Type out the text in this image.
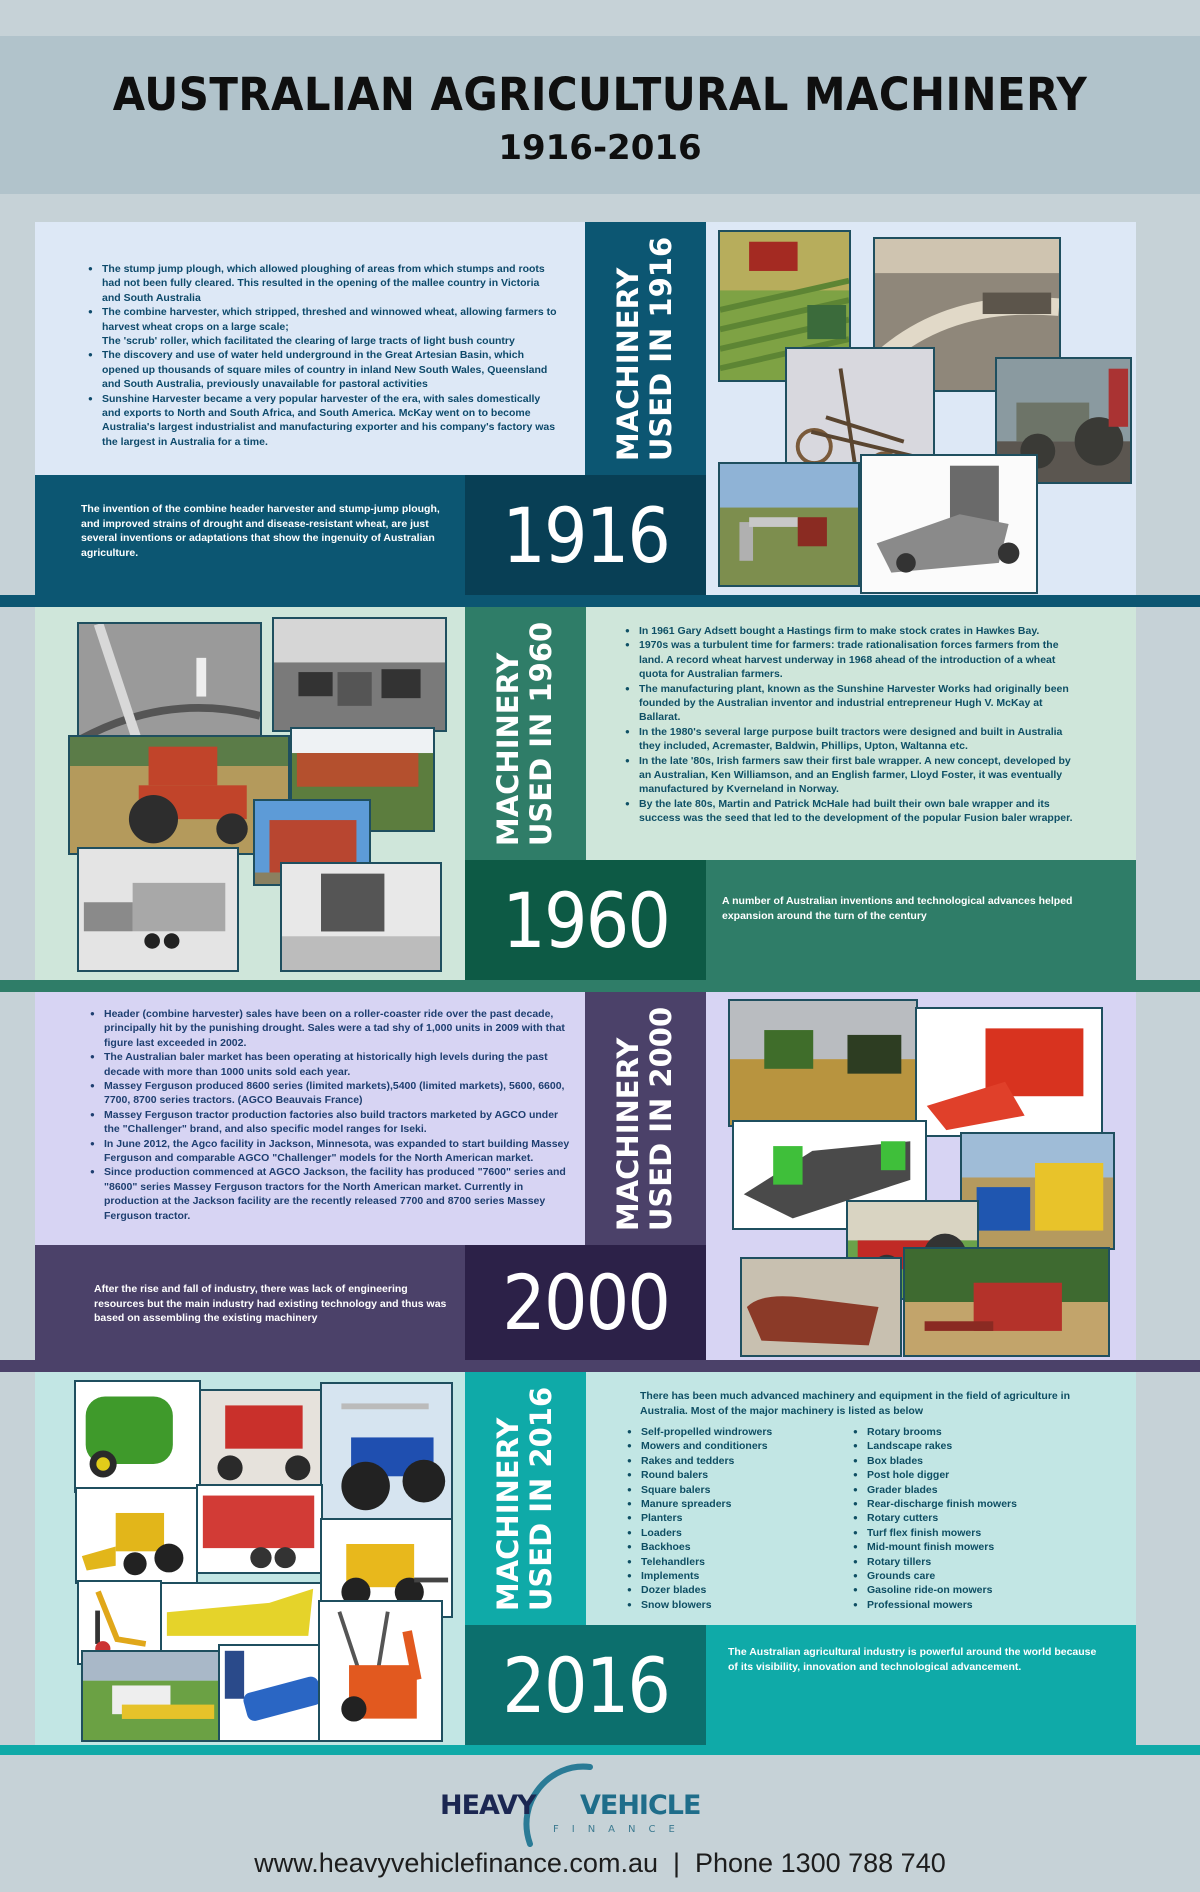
AUSTRALIAN AGRICULTURAL MACHINERY
1916-2016
MACHINERY USED IN 1916
1916
The invention of the combine header harvester and stump-jump plough, and improved strains of drought and disease-resistant wheat, are just several inventions or adaptations that show the ingenuity of Australian agriculture.
● The stump jump plough, which allowed ploughing of areas from which stumps and roots had not been fully cleared. This resulted in the opening of the mallee country in Victoria and South Australia
● The combine harvester, which stripped, threshed and winnowed wheat, allowing farmers to harvest wheat crops on a large scale;
The 'scrub' roller, which facilitated the clearing of large tracts of light bush country
● The discovery and use of water held underground in the Great Artesian Basin, which opened up thousands of square miles of country in inland New South Wales, Queensland and South Australia, previously unavailable for pastoral activities
● Sunshine Harvester became a very popular harvester of the era, with sales domestically and exports to North and South Africa, and South America. McKay went on to become Australia's largest industrialist and manufacturing exporter and his company's factory was the largest in Australia for a time.
MACHINERY USED IN 1960
1960	A number of Australian inventions and technological advances helped expansion around the turn of the century
● In 1961 Gary Adsett bought a Hastings firm to make stock crates in Hawkes Bay.
● 1970s was a turbulent time for farmers: trade rationalisation forces farmers from the land. A record wheat harvest underway in 1968 ahead of the introduction of a wheat quota for Australian farmers.
● The manufacturing plant, known as the Sunshine Harvester Works had originally been founded by the Australian inventor and industrial entrepreneur Hugh V. McKay at Ballarat.
● In the 1980's several large purpose built tractors were designed and built in Australia they included, Acremaster, Baldwin, Phillips, Upton, Waltanna etc.
● In the late '80s, Irish farmers saw their first bale wrapper. A new concept, developed by an Australian, Ken Williamson, and an English farmer, Lloyd Foster, it was eventually manufactured by Kverneland in Norway.
● By the late 80s, Martin and Patrick McHale had built their own bale wrapper and its success was the seed that led to the development of the popular Fusion baler wrapper.
MACHINERY USED IN 2000
2000
After the rise and fall of industry, there was lack of engineering resources but the main industry had existing technology and thus was based on assembling the existing machinery
● Header (combine harvester) sales have been on a roller-coaster ride over the past decade, principally hit by the punishing drought. Sales were a tad shy of 1,000 units in 2009 with that figure last exceeded in 2002.
● The Australian baler market has been operating at historically high levels during the past decade with more than 1000 units sold each year.
● Massey Ferguson produced 8600 series (limited markets),5400 (limited markets), 5600, 6600, 7700, 8700 series tractors. (AGCO Beauvais France)
● Massey Ferguson tractor production factories also build tractors marketed by AGCO under the "Challenger" brand, and also specific model ranges for Iseki.
● In June 2012, the Agco facility in Jackson, Minnesota, was expanded to start building Massey Ferguson and comparable AGCO "Challenger" models for the North American market.
● Since production commenced at AGCO Jackson, the facility has produced "7600" series and "8600" series Massey Ferguson tractors for the North American market. Currently in production at the Jackson facility are the recently released 7700 and 8700 series Massey Ferguson tractor.
MACHINERY USED IN 2016
2016	The Australian agricultural industry is powerful around the world because of its visibility, innovation and technological advancement.
There has been much advanced machinery and equipment in the field of agriculture in Australia. Most of the major machinery is listed as below
● Self-propelled windrowers
● Mowers and conditioners
● Rakes and tedders
● Round balers
● Square balers
● Manure spreaders
● Planters
● Loaders
● Backhoes
● Telehandlers
● Implements
● Dozer blades
● Snow blowers
● Rotary brooms
● Landscape rakes
● Box blades
● Post hole digger
● Grader blades
● Rear-discharge finish mowers
● Rotary cutters
● Turf flex finish mowers
● Mid-mount finish mowers
● Rotary tillers
● Grounds care
● Gasoline ride-on mowers
● Professional mowers
HEAVY VEHICLE
FINANCE
www.heavyvehiclefinance.com.au  |  Phone 1300 788 740
